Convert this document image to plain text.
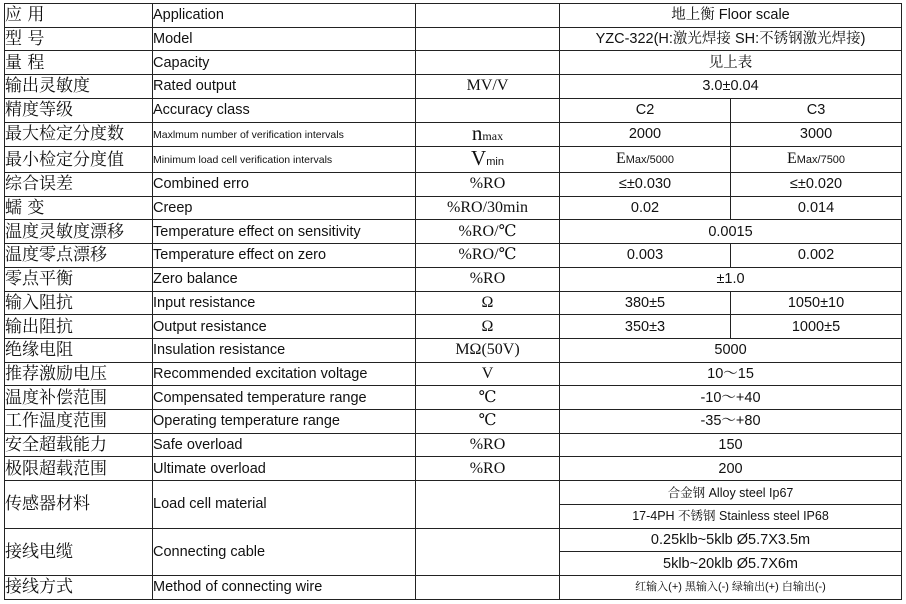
应 用	Application		地上衡 Floor scale	
型 号	Model		YZC-322(H:激光焊接 SH:不锈钢激光焊接)	
量 程	Capacity		见上表	
输出灵敏度	Rated output	MV/V	3.0±0.04	
精度等级	Accuracy class		C2	C3
最大检定分度数	Maxlmum number of verification intervals	nmax	2000	3000
最小检定分度值	Minimum load cell verification intervals	Vmin	EMax/5000	EMax/7500
综合误差	Combined erro	%RO	≤±0.030	≤±0.020
蠕 变	Creep	%RO/30min	0.02	0.014
温度灵敏度漂移	Temperature effect on sensitivity	%RO/℃	0.0015	
温度零点漂移	Temperature effect on zero	%RO/℃	0.003	0.002
零点平衡	Zero balance	%RO	±1.0	
输入阻抗	Input resistance	Ω	380±5	1050±10
输出阻抗	Output resistance	Ω	350±3	1000±5
绝缘电阻	Insulation resistance	MΩ(50V)	5000	
推荐激励电压	Recommended excitation voltage	V	10～15	
温度补偿范围	Compensated temperature range	℃	-10～+40	
工作温度范围	Operating temperature range	℃	-35～+80	
安全超载能力	Safe overload	%RO	150	
极限超载范围	Ultimate overload	%RO	200	
传感器材料	Load cell material		合金钢 Alloy steel Ip67	
			17-4PH 不锈钢 Stainless steel IP68	
接线电缆	Connecting cable		0.25klb~5klb Ø5.7X3.5m	
			5klb~20klb Ø5.7X6m	
接线方式	Method of connecting wire		红输入(+) 黑输入(-) 绿输出(+) 白输出(-)	
